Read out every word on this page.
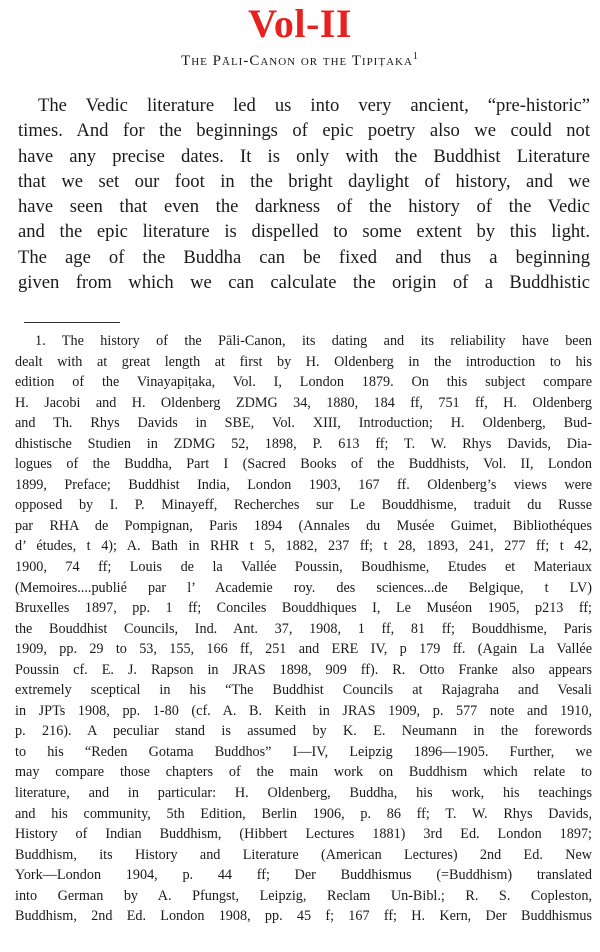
Vol-II
The Pāli-Canon or the Tipiṭaka$^1$
The Vedic literature led us into very ancient, “pre-historic”
times. And for the beginnings of epic poetry also we could not
have any precise dates. It is only with the Buddhist Literature
that we set our foot in the bright daylight of history, and we
have seen that even the darkness of the history of the Vedic
and the epic literature is dispelled to some extent by this light.
The age of the Buddha can be fixed and thus a beginning
given from which we can calculate the origin of a Buddhistic
1. The history of the Pāli-Canon, its dating and its reliability have been
dealt with at great length at first by H. Oldenberg in the introduction to his
edition of the Vinayapiṭaka, Vol. I, London 1879. On this subject compare
H. Jacobi and H. Oldenberg ZDMG 34, 1880, 184 ff, 751 ff, H. Oldenberg
and Th. Rhys Davids in SBE, Vol. XIII, Introduction; H. Oldenberg, Bud-
dhistische Studien in ZDMG 52, 1898, P. 613 ff; T. W. Rhys Davids, Dia-
logues of the Buddha, Part I (Sacred Books of the Buddhists, Vol. II, London
1899, Preface; Buddhist India, London 1903, 167 ff. Oldenberg’s views were
opposed by I. P. Minayeff, Recherches sur Le Bouddhisme, traduit du Russe
par RHA de Pompignan, Paris 1894 (Annales du Musée Guimet, Bibliothéques
d’ études, t 4); A. Bath in RHR t 5, 1882, 237 ff; t 28, 1893, 241, 277 ff; t 42,
1900, 74 ff; Louis de la Vallée Poussin, Boudhisme, Etudes et Materiaux
(Memoires....publié par l’ Academie roy. des sciences...de Belgique, t LV)
Bruxelles 1897, pp. 1 ff; Conciles Bouddhiques I, Le Muséon 1905, p213 ff;
the Bouddhist Councils, Ind. Ant. 37, 1908, 1 ff, 81 ff; Bouddhisme, Paris
1909, pp. 29 to 53, 155, 166 ff, 251 and ERE IV, p 179 ff. (Again La Vallée
Poussin cf. E. J. Rapson in JRAS 1898, 909 ff). R. Otto Franke also appears
extremely sceptical in his “The Buddhist Councils at Rajagraha and Vesali
in JPTs 1908, pp. 1-80 (cf. A. B. Keith in JRAS 1909, p. 577 note and 1910,
p. 216). A peculiar stand is assumed by K. E. Neumann in the forewords
to his “Reden Gotama Buddhos” I—IV, Leipzig 1896—1905. Further, we
may compare those chapters of the main work on Buddhism which relate to
literature, and in particular: H. Oldenberg, Buddha, his work, his teachings
and his community, 5th Edition, Berlin 1906, p. 86 ff; T. W. Rhys Davids,
History of Indian Buddhism, (Hibbert Lectures 1881) 3rd Ed. London 1897;
Buddhism, its History and Literature (American Lectures) 2nd Ed. New
York—London 1904, p. 44 ff; Der Buddhismus (=Buddhism) translated
into German by A. Pfungst, Leipzig, Reclam Un-Bibl.; R. S. Copleston,
Buddhism, 2nd Ed. London 1908, pp. 45 f; 167 ff; H. Kern, Der Buddhismus
